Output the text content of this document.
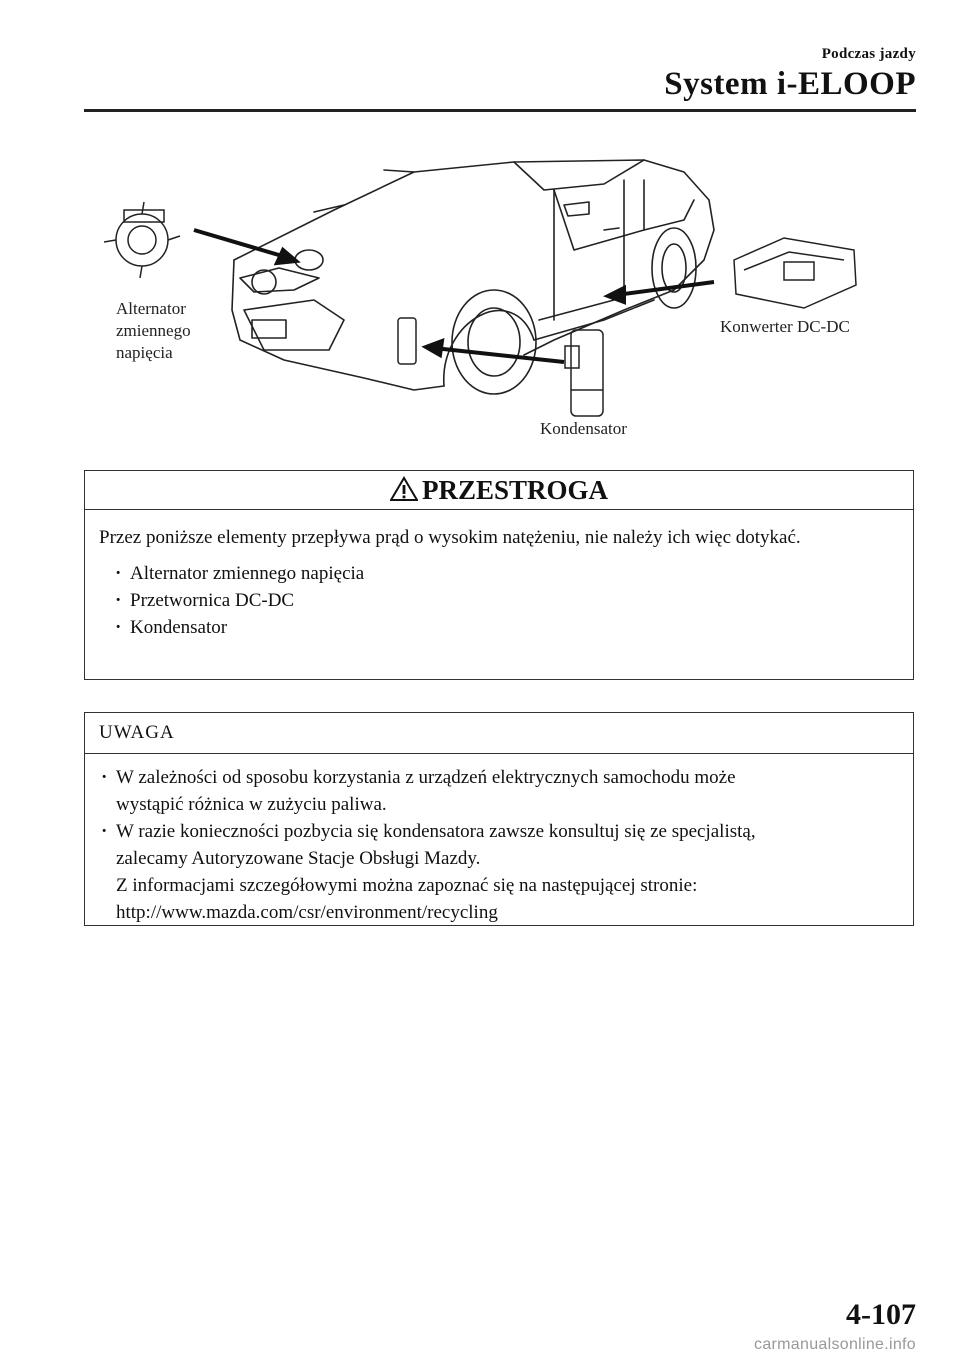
Podczas jazdy
System i-ELOOP
Alternator
zmiennego
napięcia
Konwerter DC-DC
Kondensator
PRZESTROGA

Przez poniższe elementy przepływa prąd o wysokim natężeniu, nie należy ich więc dotykać.

· Alternator zmiennego napięcia
· Przetwornica DC-DC
· Kondensator
UWAGA
· W zależności od sposobu korzystania z urządzeń elektrycznych samochodu może
wystąpić różnica w zużyciu paliwa.
· W razie konieczności pozbycia się kondensatora zawsze konsultuj się ze specjalistą,
zalecamy Autoryzowane Stacje Obsługi Mazdy.
Z informacjami szczegółowymi można zapoznać się na następującej stronie:
http://www.mazda.com/csr/environment/recycling
4-107
carmanualsonline.info
